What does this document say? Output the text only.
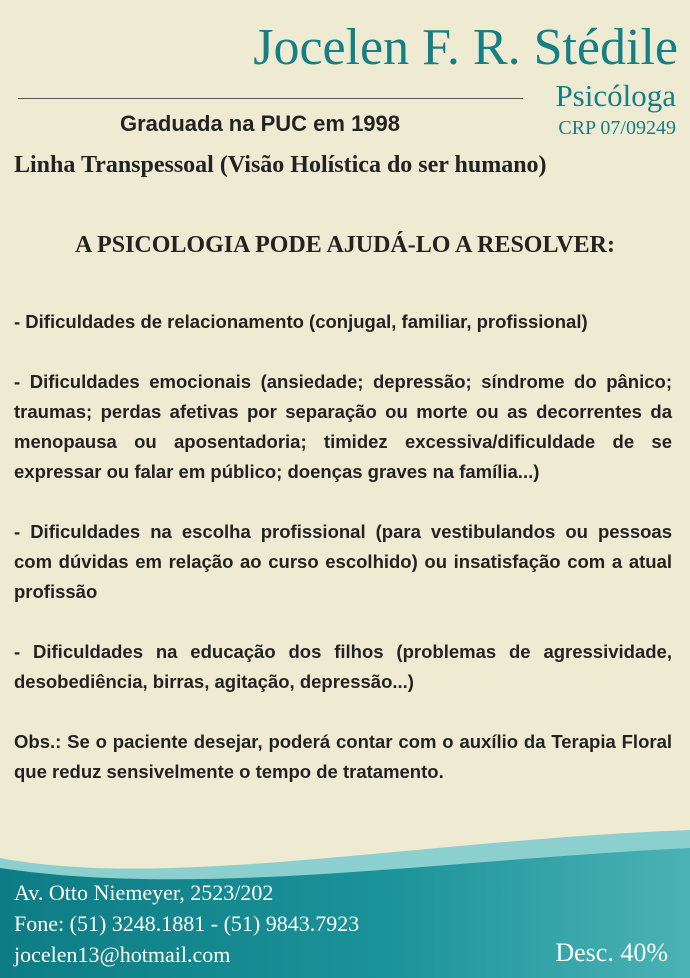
Jocelen F. R. Stédile
Psicóloga
CRP 07/09249
Graduada na PUC em 1998
Linha Transpessoal (Visão Holística do ser humano)
A PSICOLOGIA PODE AJUDÁ-LO A RESOLVER:

- Dificuldades de relacionamento (conjugal, familiar, profissional)

- Dificuldades emocionais (ansiedade; depressão; síndrome do pânico; traumas; perdas afetivas por separação ou morte ou as decorrentes da menopausa ou aposentadoria; timidez excessiva/dificuldade de se expressar ou falar em público; doenças graves na família...)

- Dificuldades na escolha profissional (para vestibulandos ou pessoas com dúvidas em relação ao curso escolhido) ou insatisfação com a atual profissão

- Dificuldades na educação dos filhos (problemas de agressividade, desobediência, birras, agitação, depressão...)

Obs.: Se o paciente desejar, poderá contar com o auxílio da Terapia Floral que reduz sensivelmente o tempo de tratamento.

Av. Otto Niemeyer, 2523/202
Fone: (51) 3248.1881 - (51) 9843.7923
jocelen13@hotmail.com	Desc. 40%
